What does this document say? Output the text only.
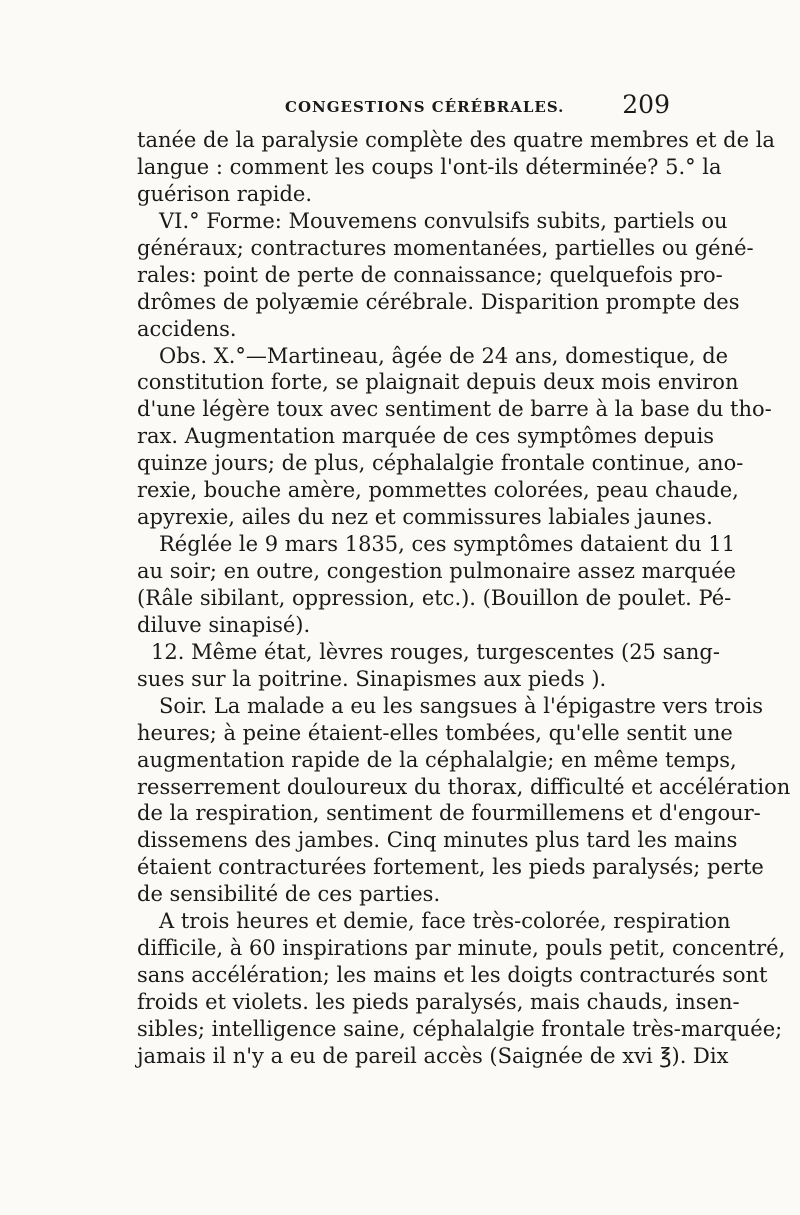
CONGESTIONS CÉRÉBRALES. 209
tanée de la paralysie complète des quatre membres et de la
langue : comment les coups l'ont-ils déterminée? 5.° la
guérison rapide.
VI.° Forme: Mouvemens convulsifs subits, partiels ou
généraux; contractures momentanées, partielles ou géné-
rales: point de perte de connaissance; quelquefois pro-
drômes de polyæmie cérébrale. Disparition prompte des
accidens.
Obs. X.°—Martineau, âgée de 24 ans, domestique, de
constitution forte, se plaignait depuis deux mois environ
d'une légère toux avec sentiment de barre à la base du tho-
rax. Augmentation marquée de ces symptômes depuis
quinze jours; de plus, céphalalgie frontale continue, ano-
rexie, bouche amère, pommettes colorées, peau chaude,
apyrexie, ailes du nez et commissures labiales jaunes.
Réglée le 9 mars 1835, ces symptômes dataient du 11
au soir; en outre, congestion pulmonaire assez marquée
(Râle sibilant, oppression, etc.). (Bouillon de poulet. Pé-
diluve sinapisé).
12. Même état, lèvres rouges, turgescentes (25 sang-
sues sur la poitrine. Sinapismes aux pieds ).
Soir. La malade a eu les sangsues à l'épigastre vers trois
heures; à peine étaient-elles tombées, qu'elle sentit une
augmentation rapide de la céphalalgie; en même temps,
resserrement douloureux du thorax, difficulté et accélération
de la respiration, sentiment de fourmillemens et d'engour-
dissemens des jambes. Cinq minutes plus tard les mains
étaient contracturées fortement, les pieds paralysés; perte
de sensibilité de ces parties.
A trois heures et demie, face très-colorée, respiration
difficile, à 60 inspirations par minute, pouls petit, concentré,
sans accélération; les mains et les doigts contracturés sont
froids et violets. les pieds paralysés, mais chauds, insen-
sibles; intelligence saine, céphalalgie frontale très-marquée;
jamais il n'y a eu de pareil accès (Saignée de xvi ℥). Dix
